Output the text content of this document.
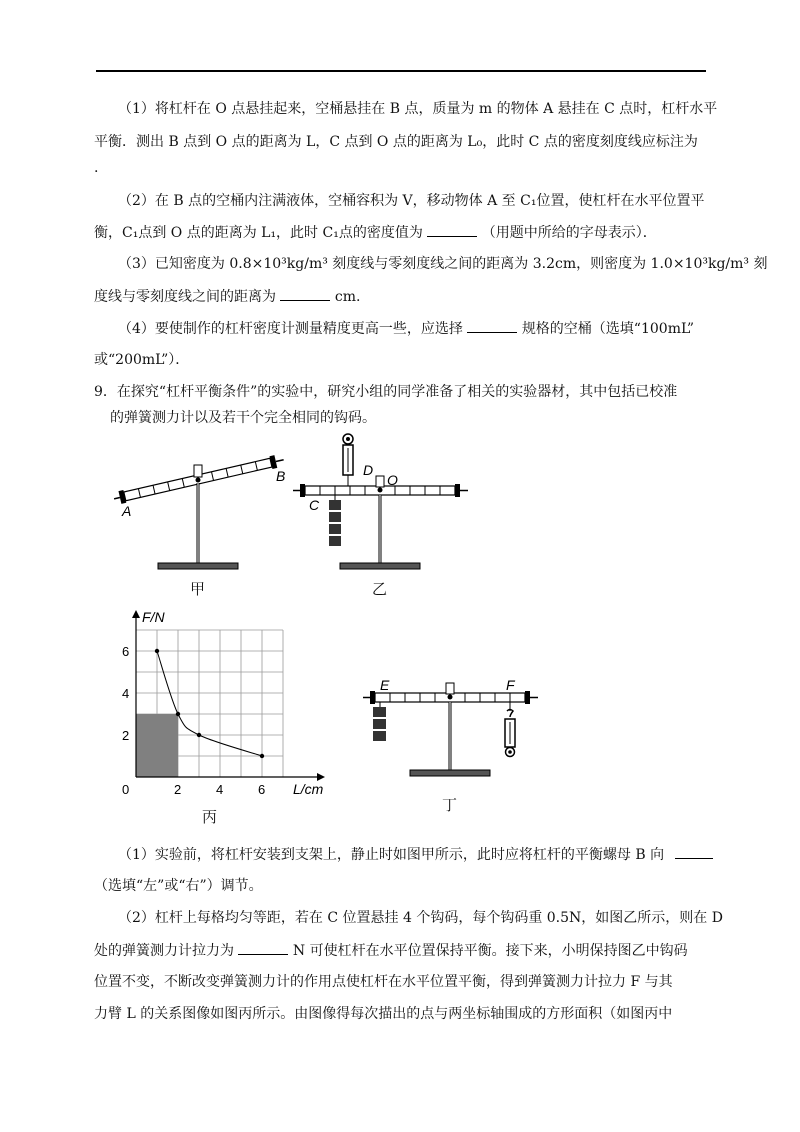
（1）将杠杆在 O 点悬挂起来，空桶悬挂在 B 点，质量为 m 的物体 A 悬挂在 C 点时，杠杆水平
平衡．测出 B 点到 O 点的距离为 L，C 点到 O 点的距离为 L₀，此时 C 点的密度刻度线应标注为
.
（2）在 B 点的空桶内注满液体，空桶容积为 V，移动物体 A 至 C₁位置，使杠杆在水平位置平
衡，C₁点到 O 点的距离为 L₁，此时 C₁点的密度值为	（用题中所给的字母表示）．
（3）已知密度为 0.8×10³kg/m³ 刻度线与零刻度线之间的距离为 3.2cm，则密度为 1.0×10³kg/m³ 刻
度线与零刻度线之间的距离为	cm.
（4）要使制作的杠杆密度计测量精度更高一些，应选择	规格的空桶（选填“100mL”
或“200mL”）．
9．在探究“杠杆平衡条件”的实验中，研究小组的同学准备了相关的实验器材，其中包括已校准
的弹簧测力计以及若干个完全相同的钩码。
A
B
甲
C
D
O
乙
0	2	4	6
2
4
6
F/N
L/cm
丙
E	F
丁
（1）实验前，将杠杆安装到支架上，静止时如图甲所示，此时应将杠杆的平衡螺母 B 向
（选填“左”或“右”）调节。
（2）杠杆上每格均匀等距，若在 C 位置悬挂 4 个钩码，每个钩码重 0.5N，如图乙所示，则在 D
处的弹簧测力计拉力为	N 可使杠杆在水平位置保持平衡。接下来，小明保持图乙中钩码
位置不变，不断改变弹簧测力计的作用点使杠杆在水平位置平衡，得到弹簧测力计拉力 F 与其
力臂 L 的关系图像如图丙所示。由图像得每次描出的点与两坐标轴围成的方形面积（如图丙中
